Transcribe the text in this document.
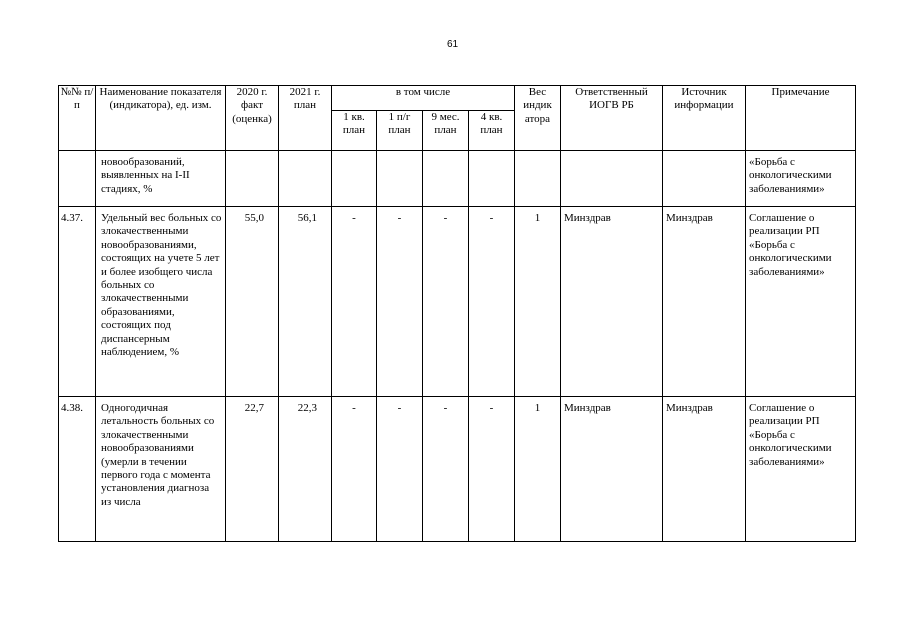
61
№№ п/п	Наименование показателя (индикатора), ед. изм.	2020 г. факт (оценка)	2021 г. план	в том числе				Вес индик атора	Ответственный ИОГВ РБ	Источник информации	Примечание

				1 кв. план	1 п/г план	9 мес. план	4 кв. план				

	новообразований, выявленных на I-II стадиях, %										«Борьба с онкологическими заболеваниями»

4.37.	Удельный вес больных со злокачественными новообразованиями, состоящих на учете 5 лет и более изобщего числа больных со злокачественными образованиями, состоящих под диспансерным наблюдением, %	55,0	56,1	-	-	-	-	1	Минздрав	Минздрав	Соглашение о реализации РП «Борьба с онкологическими заболеваниями»

4.38.	Одногодичная летальность больных со злокачественными новообразованиями (умерли в течении первого года с момента установления диагноза из числа	22,7	22,3	-	-	-	-	1	Минздрав	Минздрав	Соглашение о реализации РП «Борьба с онкологическими заболеваниями»
